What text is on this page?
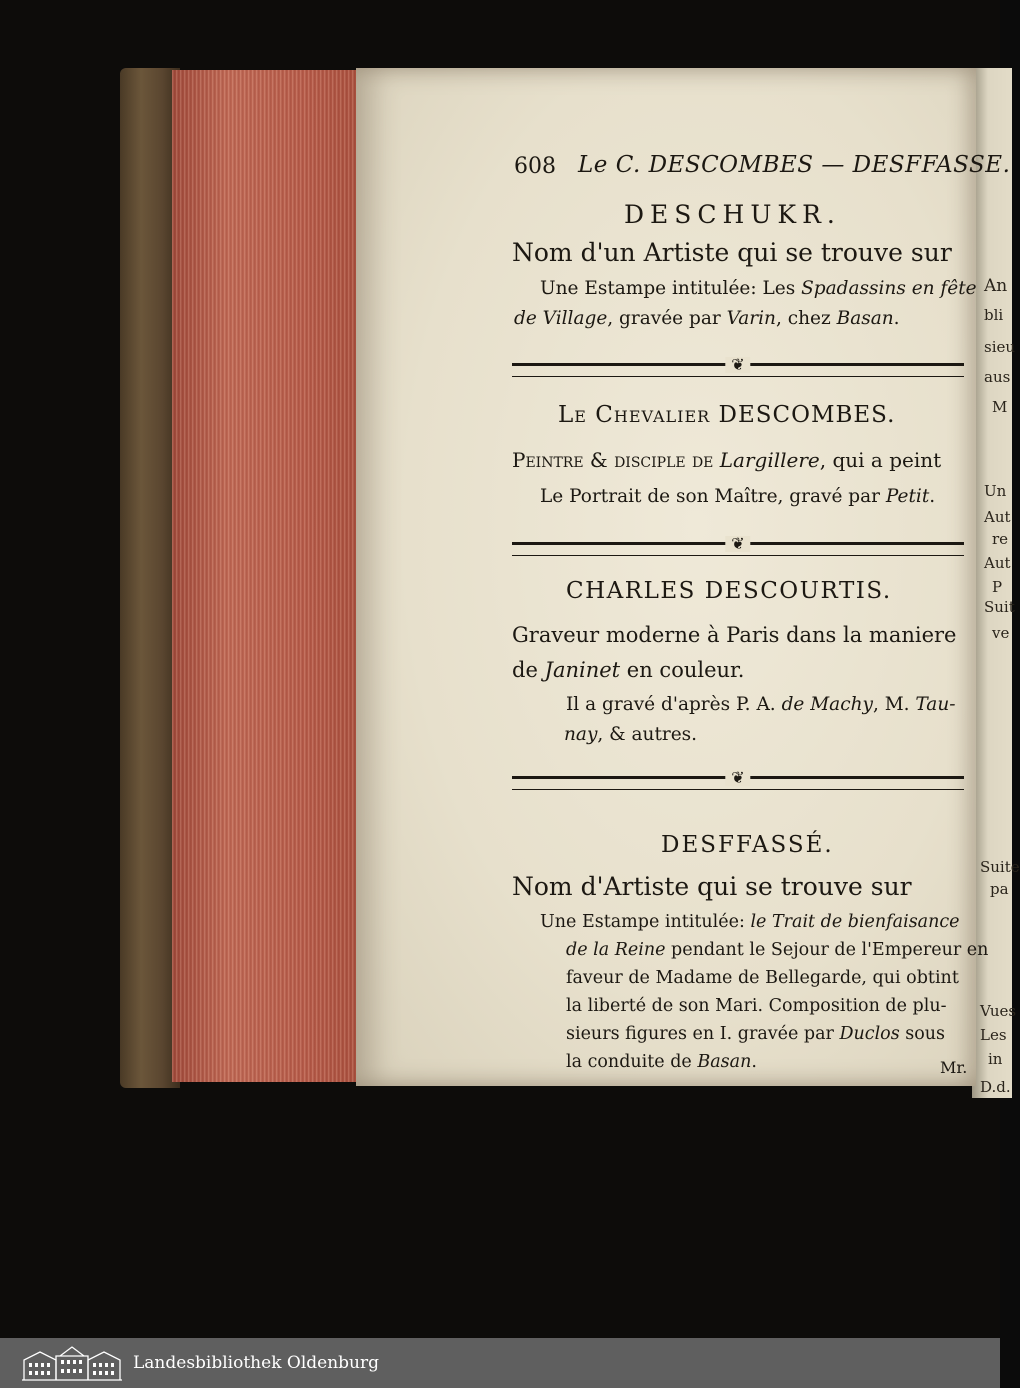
An
bli
sieu
aus
M
Un
Aut
re
Aut
P
Suit
ve
Suite
pa
Vues
Les
in
D.d.

608 Le C. DESCOMBES — DESFFASSE.

DESCHUKR.

Nom d'un Artiste qui se trouve sur

Une Estampe intitulée: Les Spadassins en fête

de Village, gravée par Varin, chez Basan.

❦

Le Chevalier DESCOMBES.

Peintre & disciple de Largillere, qui a peint

Le Portrait de son Maître, gravé par Petit.

❦

CHARLES DESCOURTIS.

Graveur moderne à Paris dans la maniere

de Janinet en couleur.

Il a gravé d'après P. A. de Machy, M. Tau-

nay, & autres.

❦

DESFFASSÉ.

Nom d'Artiste qui se trouve sur

Une Estampe intitulée: le Trait de bienfaisance

de la Reine pendant le Sejour de l'Empereur en

faveur de Madame de Bellegarde, qui obtint

la liberté de son Mari. Composition de plu-

sieurs figures en I. gravée par Duclos sous

la conduite de Basan.	Mr.

Landesbibliothek Oldenburg
